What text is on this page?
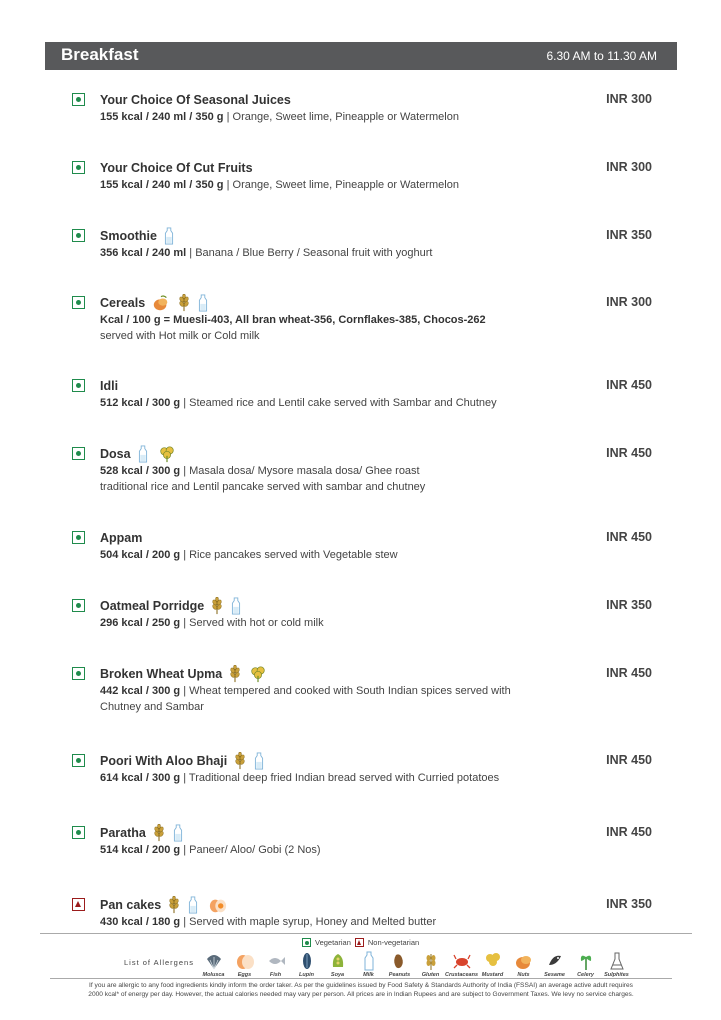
Breakfast	6.30 AM to 11.30 AM
Your Choice Of Seasonal Juices	INR 300
155 kcal / 240 ml / 350 g | Orange, Sweet lime, Pineapple or Watermelon
Your Choice Of Cut Fruits	INR 300
155 kcal / 240 ml / 350 g | Orange, Sweet lime, Pineapple or Watermelon
Smoothie	INR 350
356 kcal / 240 ml | Banana / Blue Berry / Seasonal fruit with yoghurt
Cereals	INR 300
Kcal / 100 g = Muesli-403, All bran wheat-356, Cornflakes-385, Chocos-262
served with Hot milk or Cold milk
Idli	INR 450
512 kcal / 300 g | Steamed rice and Lentil cake served with Sambar and Chutney
Dosa	INR 450
528 kcal / 300 g | Masala dosa/ Mysore masala dosa/ Ghee roast
traditional rice and Lentil pancake served with sambar and chutney
Appam	INR 450
504 kcal / 200 g | Rice pancakes served with Vegetable stew
Oatmeal Porridge	INR 350
296 kcal / 250 g | Served with hot or cold milk
Broken Wheat Upma	INR 450
442 kcal / 300 g | Wheat tempered and cooked with South Indian spices served with
Chutney and Sambar
Poori With Aloo Bhaji	INR 450
614 kcal / 300 g | Traditional deep fried Indian bread served with Curried potatoes
Paratha	INR 450
514 kcal / 200 g | Paneer/ Aloo/ Gobi (2 Nos)
Pan cakes	INR 350
430 kcal / 180 g | Served with maple syrup, Honey and Melted butter
Vegetarian Non-vegetarian
List of Allergens
Molusca Eggs	Fish	Lupin	Soya	Milk	Peanuts Gluten Crustaceans Mustard	Nuts	Sesame Celery Sulphites
If you are allergic to any food ingredients kindly inform the order taker. As per the guidelines issued by Food Safety & Standards Authority of India (FSSAI) an average active adult requires
2000 kcal* of energy per day. However, the actual calories needed may vary per person. All prices are in Indian Rupees and are subject to Government Taxes. We levy no service charges.
